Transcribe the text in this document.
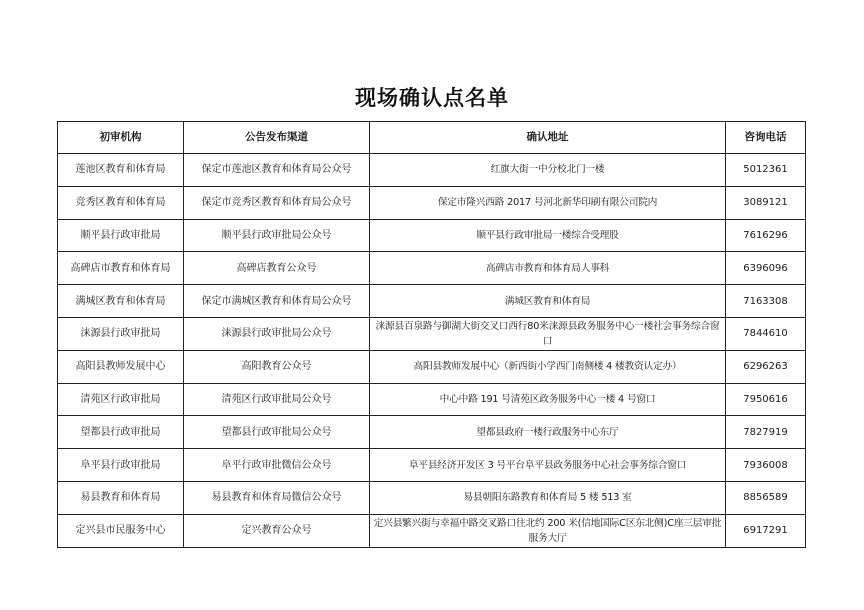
现场确认点名单
初审机构	公告发布渠道	确认地址	咨询电话
莲池区教育和体育局	保定市莲池区教育和体育局公众号	红旗大街一中分校北门一楼	5012361
竞秀区教育和体育局	保定市竞秀区教育和体育局公众号	保定市隆兴西路 2017 号河北新华印刷有限公司院内	3089121
顺平县行政审批局	顺平县行政审批局公众号	顺平县行政审批局一楼综合受理股	7616296
高碑店市教育和体育局	高碑店教育公众号	高碑店市教育和体育局人事科	6396096
满城区教育和体育局	保定市满城区教育和体育局公众号	满城区教育和体育局	7163308
涞源县行政审批局	涞源县行政审批局公众号	涞源县百泉路与御湖大街交叉口西行80米涞源县政务服务中心一楼社会事务综合窗口	7844610
高阳县教师发展中心	高阳教育公众号	高阳县教师发展中心（新西街小学西门南侧楼 4 楼教资认定办）	6296263
清苑区行政审批局	清苑区行政审批局公众号	中心中路 191 号清苑区政务服务中心一楼 4 号窗口	7950616
望都县行政审批局	望都县行政审批局公众号	望都县政府一楼行政服务中心东厅	7827919
阜平县行政审批局	阜平行政审批微信公众号	阜平县经济开发区 3 号平台阜平县政务服务中心社会事务综合窗口	7936008
易县教育和体育局	易县教育和体育局微信公众号	易县朝阳东路教育和体育局 5 楼 513 室	8856589
定兴县市民服务中心	定兴教育公众号	定兴县繁兴街与幸福中路交叉路口往北约 200 米(信地国际C区东北侧)C座三层审批服务大厅	6917291
